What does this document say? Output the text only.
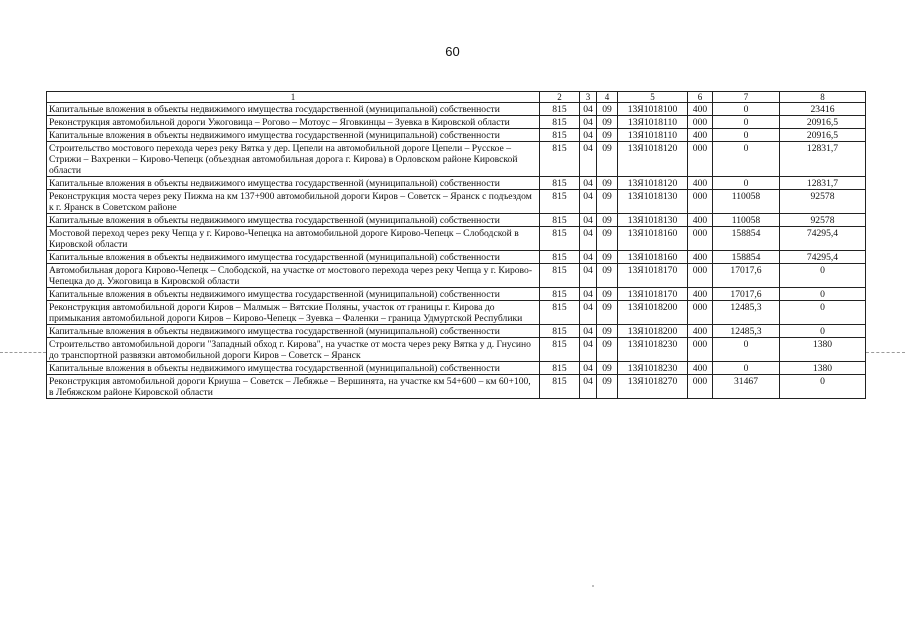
60
1	2	3	4	5	6	7	8
Капитальные вложения в объекты недвижимого имущества государственной (муниципальной) собственности	815	04	09	13Я1018100	400	0	23416
Реконструкция автомобильной дороги Ужоговица – Рогово – Мотоус – Яговкинцы – Зуевка в Кировской области	815	04	09	13Я1018110	000	0	20916,5
Капитальные вложения в объекты недвижимого имущества государственной (муниципальной) собственности	815	04	09	13Я1018110	400	0	20916,5
Строительство мостового перехода через реку Вятка у дер. Цепели на автомобильной дороге Цепели – Русское – Стрижи – Вахренки – Кирово-Чепецк (объездная автомобильная дорога г. Кирова) в Орловском районе Кировской области	815	04	09	13Я1018120	000	0	12831,7
Капитальные вложения в объекты недвижимого имущества государственной (муниципальной) собственности	815	04	09	13Я1018120	400	0	12831,7
Реконструкция моста через реку Пижма на км 137+900 автомобильной дороги Киров – Советск – Яранск с подъездом к г. Яранск в Советском районе	815	04	09	13Я1018130	000	110058	92578
Капитальные вложения в объекты недвижимого имущества государственной (муниципальной) собственности	815	04	09	13Я1018130	400	110058	92578
Мостовой переход через реку Чепца у г. Кирово-Чепецка на автомобильной дороге Кирово-Чепецк – Слободской в Кировской области	815	04	09	13Я1018160	000	158854	74295,4
Капитальные вложения в объекты недвижимого имущества государственной (муниципальной) собственности	815	04	09	13Я1018160	400	158854	74295,4
Автомобильная дорога Кирово-Чепецк – Слободской, на участке от мостового перехода через реку Чепца у г. Кирово-Чепецка до д. Ужоговица в Кировской области	815	04	09	13Я1018170	000	17017,6	0
Капитальные вложения в объекты недвижимого имущества государственной (муниципальной) собственности	815	04	09	13Я1018170	400	17017,6	0
Реконструкция автомобильной дороги Киров – Малмыж – Вятские Поляны, участок от границы г. Кирова до примыкания автомобильной дороги Киров – Кирово-Чепецк – Зуевка – Фаленки – граница Удмуртской Республики	815	04	09	13Я1018200	000	12485,3	0
Капитальные вложения в объекты недвижимого имущества государственной (муниципальной) собственности	815	04	09	13Я1018200	400	12485,3	0
Строительство автомобильной дороги "Западный обход г. Кирова", на участке от моста через реку Вятка у д. Гнусино до транспортной развязки автомобильной дороги Киров – Советск – Яранск	815	04	09	13Я1018230	000	0	1380
Капитальные вложения в объекты недвижимого имущества государственной (муниципальной) собственности	815	04	09	13Я1018230	400	0	1380
Реконструкция автомобильной дороги Криуша – Советск – Лебяжье – Вершинята, на участке км 54+600 – км 60+100, в Лебяжском районе Кировской области	815	04	09	13Я1018270	000	31467	0
